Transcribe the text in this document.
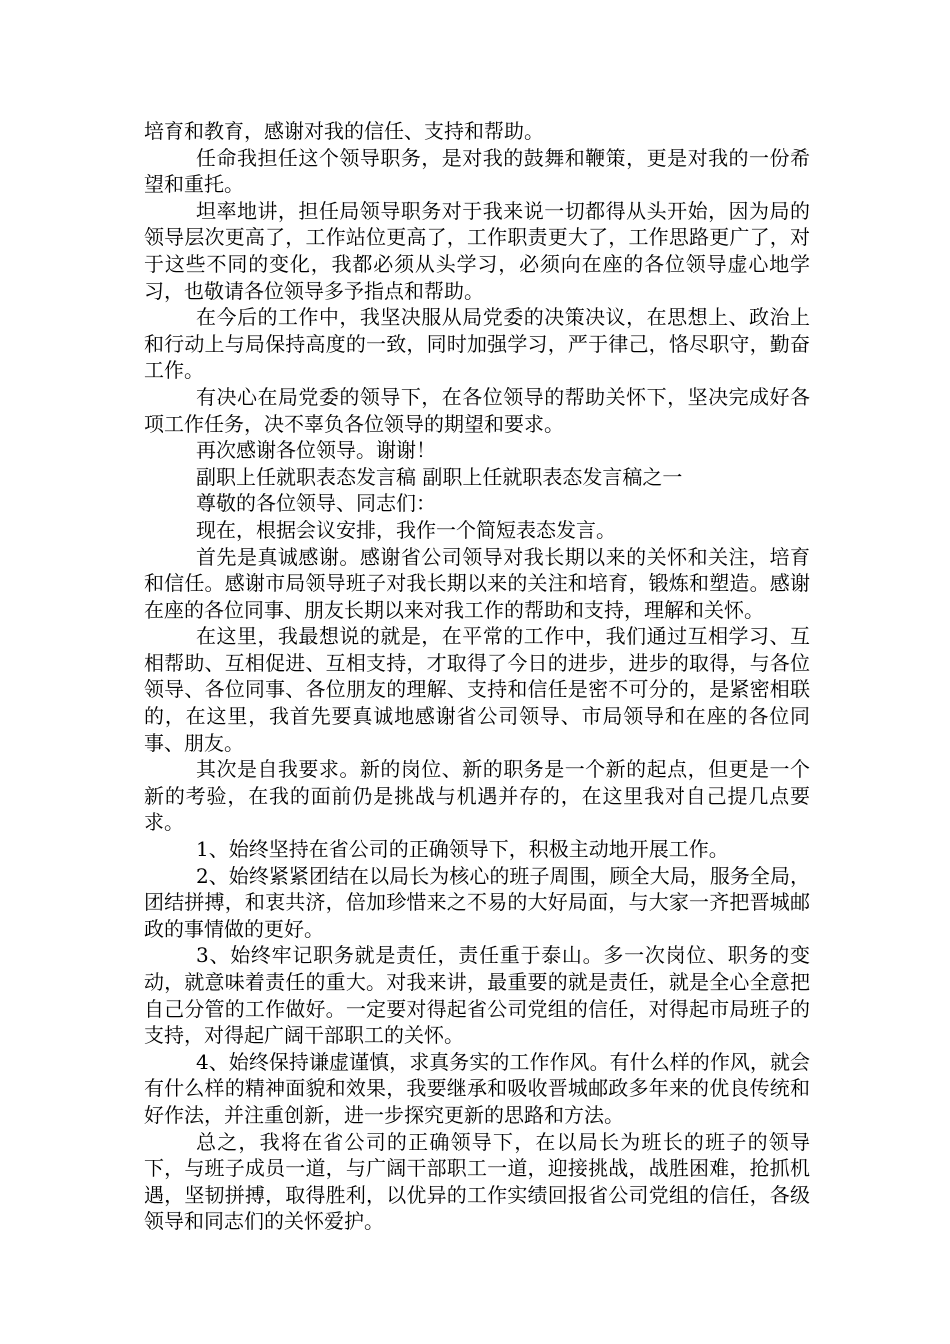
培育和教育，感谢对我的信任、支持和帮助。

任命我担任这个领导职务，是对我的鼓舞和鞭策，更是对我的一份希望和重托。

坦率地讲，担任局领导职务对于我来说一切都得从头开始，因为局的领导层次更高了，工作站位更高了，工作职责更大了，工作思路更广了，对于这些不同的变化，我都必须从头学习，必须向在座的各位领导虚心地学习，也敬请各位领导多予指点和帮助。

在今后的工作中，我坚决服从局党委的决策决议，在思想上、政治上和行动上与局保持高度的一致，同时加强学习，严于律己，恪尽职守，勤奋工作。

有决心在局党委的领导下，在各位领导的帮助关怀下，坚决完成好各项工作任务，决不辜负各位领导的期望和要求。

再次感谢各位领导。谢谢！

副职上任就职表态发言稿 副职上任就职表态发言稿之一

尊敬的各位领导、同志们：

现在，根据会议安排，我作一个简短表态发言。

首先是真诚感谢。感谢省公司领导对我长期以来的关怀和关注，培育和信任。感谢市局领导班子对我长期以来的关注和培育，锻炼和塑造。感谢在座的各位同事、朋友长期以来对我工作的帮助和支持，理解和关怀。

在这里，我最想说的就是，在平常的工作中，我们通过互相学习、互相帮助、互相促进、互相支持，才取得了今日的进步，进步的取得，与各位领导、各位同事、各位朋友的理解、支持和信任是密不可分的，是紧密相联的，在这里，我首先要真诚地感谢省公司领导、市局领导和在座的各位同事、朋友。

其次是自我要求。新的岗位、新的职务是一个新的起点，但更是一个新的考验，在我的面前仍是挑战与机遇并存的，在这里我对自己提几点要求。

1、始终坚持在省公司的正确领导下，积极主动地开展工作。

2、始终紧紧团结在以局长为核心的班子周围，顾全大局，服务全局，团结拼搏，和衷共济，倍加珍惜来之不易的大好局面，与大家一齐把晋城邮政的事情做的更好。

3、始终牢记职务就是责任，责任重于泰山。多一次岗位、职务的变动，就意味着责任的重大。对我来讲，最重要的就是责任，就是全心全意把自己分管的工作做好。一定要对得起省公司党组的信任，对得起市局班子的支持，对得起广阔干部职工的关怀。

4、始终保持谦虚谨慎，求真务实的工作作风。有什么样的作风，就会有什么样的精神面貌和效果，我要继承和吸收晋城邮政多年来的优良传统和好作法，并注重创新，进一步探究更新的思路和方法。

总之，我将在省公司的正确领导下，在以局长为班长的班子的领导下，与班子成员一道，与广阔干部职工一道，迎接挑战，战胜困难，抢抓机遇，坚韧拼搏，取得胜利，以优异的工作实绩回报省公司党组的信任，各级领导和同志们的关怀爱护。
